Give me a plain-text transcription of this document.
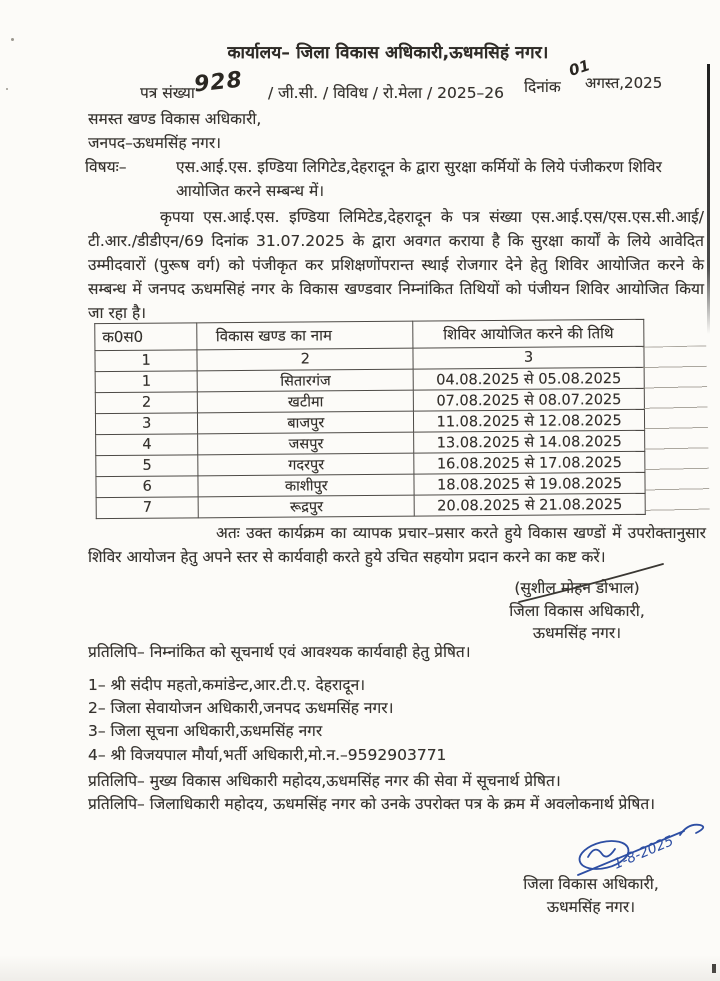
कार्यालय– जिला विकास अधिकारी,ऊधमसिहं नगर।
पत्र संख्या
928 / जी.सी. / विविध / रो.मेला / 2025–26 दिनांक
01
अगस्त,2025
समस्त खण्ड विकास अधिकारी,
जनपद–ऊधमसिंह नगर।
विषयः–	एस.आई.एस. इण्डिया लिगिटेड,देहरादून के द्वारा सुरक्षा कर्मियों के लिये पंजीकरण शिविर आयोजित करने सम्बन्ध में।
कृपया एस.आई.एस. इण्डिया लिमिटेड,देहरादून के पत्र संख्या एस.आई.एस/एस.एस.सी.आई/टी.आर./डीडीएन/69 दिनांक 31.07.2025 के द्वारा अवगत कराया है कि सुरक्षा कार्यों के लिये आवेदित उम्मीदवारों (पुरूष वर्ग) को पंजीकृत कर प्रशिक्षणोंपरान्त स्थाई रोजगार देने हेतु शिविर आयोजित करने के सम्बन्ध में जनपद ऊधमसिहं नगर के विकास खण्डवार निम्नांकित तिथियों को पंजीयन शिविर आयोजित किया जा रहा है।
क0स0	विकास खण्ड का नाम	शिविर आयोजित करने की तिथि
1	2	3
1	सितारगंज	04.08.2025 से 05.08.2025
2	खटीमा	07.08.2025 से 08.07.2025
3	बाजपुर	11.08.2025 से 12.08.2025
4	जसपुर	13.08.2025 से 14.08.2025
5	गदरपुर	16.08.2025 से 17.08.2025
6	काशीपुर	18.08.2025 से 19.08.2025
7	रूद्रपुर	20.08.2025 से 21.08.2025
अतः उक्त कार्यक्रम का व्यापक प्रचार–प्रसार करते हुये विकास खण्डों में उपरोक्तानुसार शिविर आयोजन हेतु अपने स्तर से कार्यवाही करते हुये उचित सहयोग प्रदान करने का कष्ट करें।
(सुशील मोहन डोभाल)
जिला विकास अधिकारी,
ऊधमसिंह नगर।
प्रतिलिपि– निम्नांकित को सूचनार्थ एवं आवश्यक कार्यवाही हेतु प्रेषित।
1– श्री संदीप महतो,कमांडेन्ट,आर.टी.ए. देहरादून।
2– जिला सेवायोजन अधिकारी,जनपद ऊधमसिंह नगर।
3– जिला सूचना अधिकारी,ऊधमसिंह नगर
4– श्री विजयपाल मौर्या,भर्ती अधिकारी,मो.न.–9592903771

प्रतिलिपि– मुख्य विकास अधिकारी महोदय,ऊधमसिंह नगर की सेवा में सूचनार्थ प्रेषित।

प्रतिलिपि– जिलाधिकारी महोदय, ऊधमसिंह नगर को उनके उपरोक्त पत्र के क्रम में अवलोकनार्थ प्रेषित।

1-8-2025
जिला विकास अधिकारी,
ऊधमसिंह नगर।
